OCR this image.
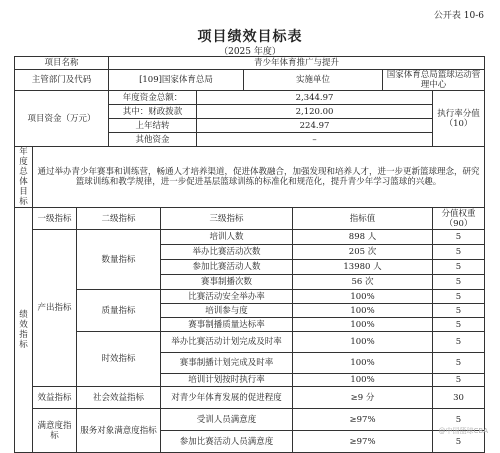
公开表 10-6
项目绩效目标表
（2025 年度）
项目名称			青少年体育推广与提升						
主管部门及代码			[109]国家体育总局			实施单位		国家体育总局篮球运动管理中心	
项目资金（万元）			年度资金总额：		2,344.97				执行率分值（10）
			其中：财政拨款		2,120.00				
			上年结转		224.97				
			其他资金		–				
年度总体目标	通过举办青少年赛事和训练营，畅通人才培养渠道，促进体教融合，加强发现和培养人才，进一步更新篮球理念，研究篮球训练和教学规律，进一步促进基层篮球训练的标准化和规范化，提升青少年学习篮球的兴趣。								
绩效指标	一级指标	二级指标		三级指标			指标值		分值权重（90）
	产出指标	数量指标		培训人数			898 人		5
				举办比赛活动次数			205 次		5
				参加比赛活动人数			13980 人		5
				赛事制播次数			56 次		5
		质量指标		比赛活动安全举办率			100%		5
				培训参与度			100%		5
				赛事制播质量达标率			100%		5
		时效指标		举办比赛活动计划完成及时率			100%		5
				赛事制播计划完成及时率			100%		5
				培训计划按时执行率			100%		5
	效益指标	社会效益指标		对青少年体育发展的促进程度			≥9 分		30
	满意度指标	服务对象满意度指标		受训人员满意度			≥97%		5
				参加比赛活动人员满意度			≥97%		5
@中国篮球CBA
